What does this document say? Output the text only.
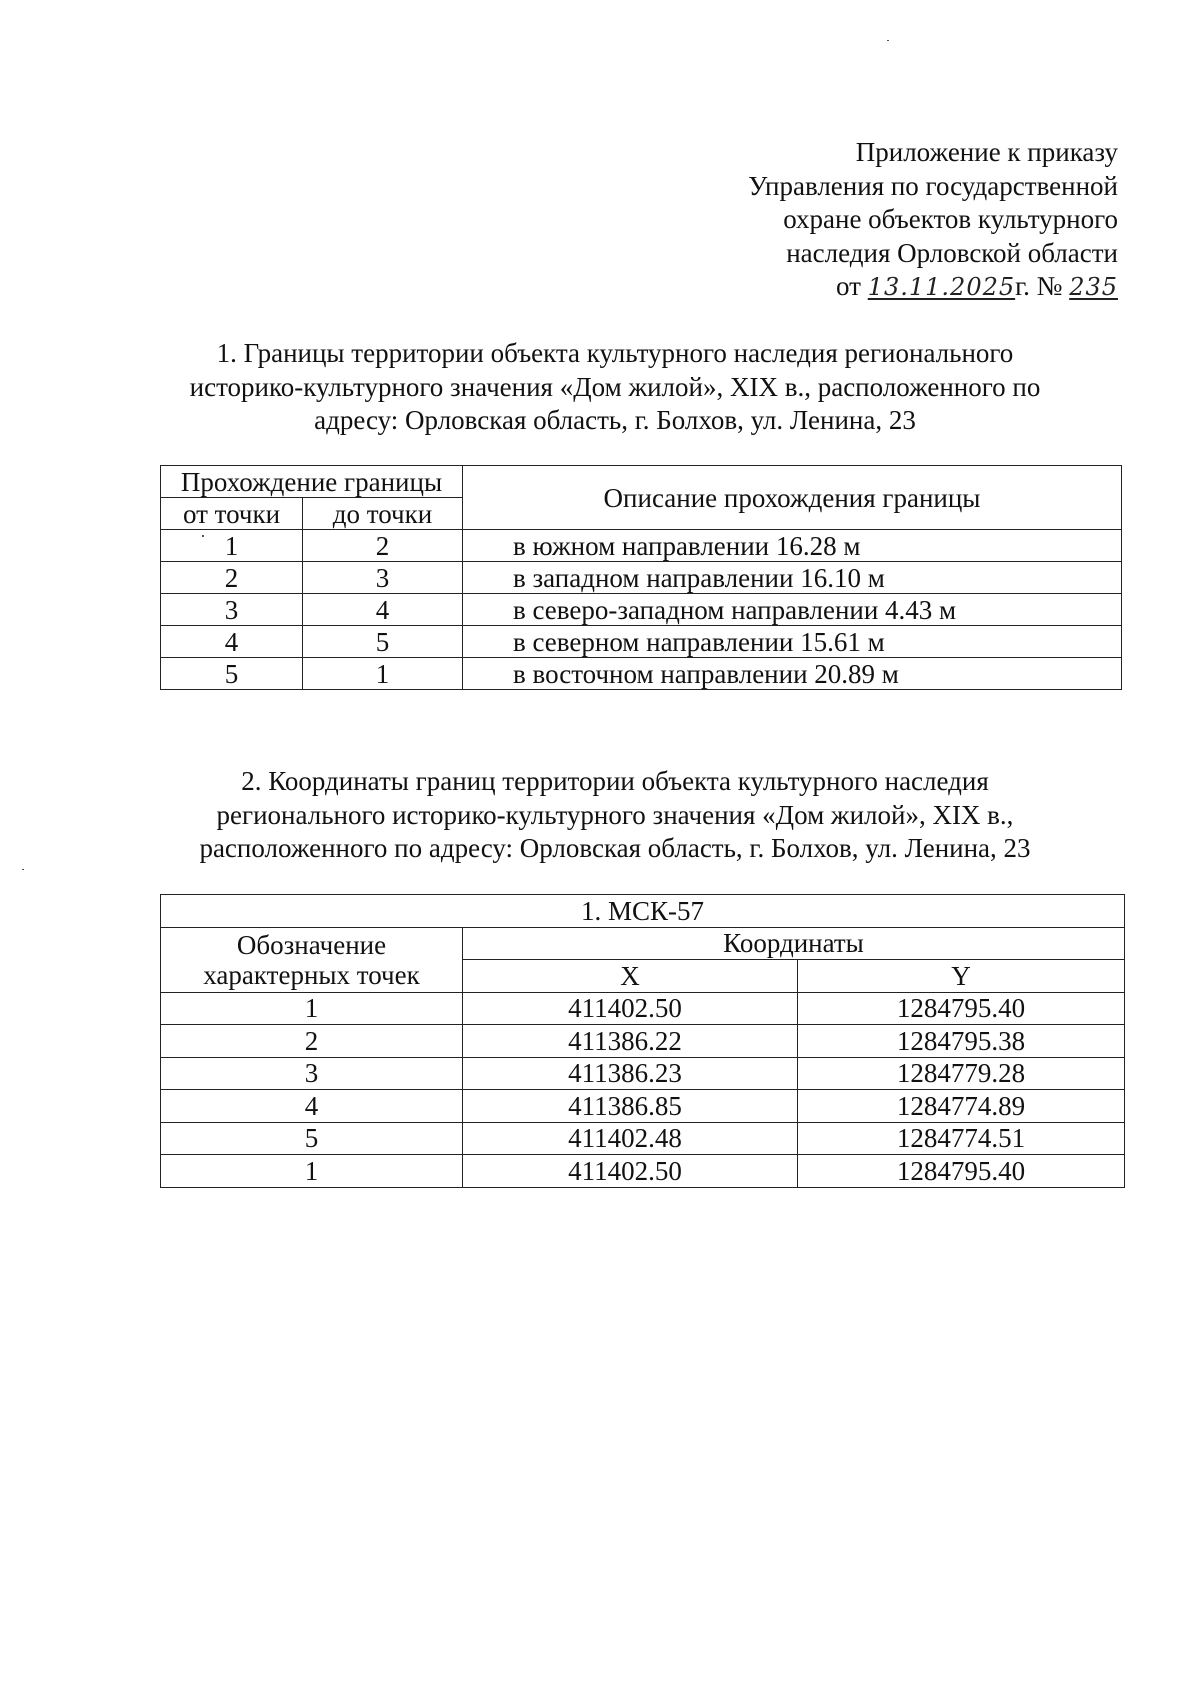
Приложение к приказу
Управления по государственной
охране объектов культурного
наследия Орловской области
от 13.11.2025г. № 235
1. Границы территории объекта культурного наследия регионального
историко-культурного значения «Дом жилой», XIX в., расположенного по
адресу: Орловская область, г. Болхов, ул. Ленина, 23
Прохождение границы		Описание прохождения границы
от точки	до точки	
1	2	в южном направлении 16.28 м
2	3	в западном направлении 16.10 м
3	4	в северо-западном направлении 4.43 м
4	5	в северном направлении 15.61 м
5	1	в восточном направлении 20.89 м
2. Координаты границ территории объекта культурного наследия
регионального историко-культурного значения «Дом жилой», XIX в.,
расположенного по адресу: Орловская область, г. Болхов, ул. Ленина, 23
1. МСК-57		
Обозначение
характерных точек	Координаты	
	X	Y
1	411402.50	1284795.40
2	411386.22	1284795.38
3	411386.23	1284779.28
4	411386.85	1284774.89
5	411402.48	1284774.51
1	411402.50	1284795.40
